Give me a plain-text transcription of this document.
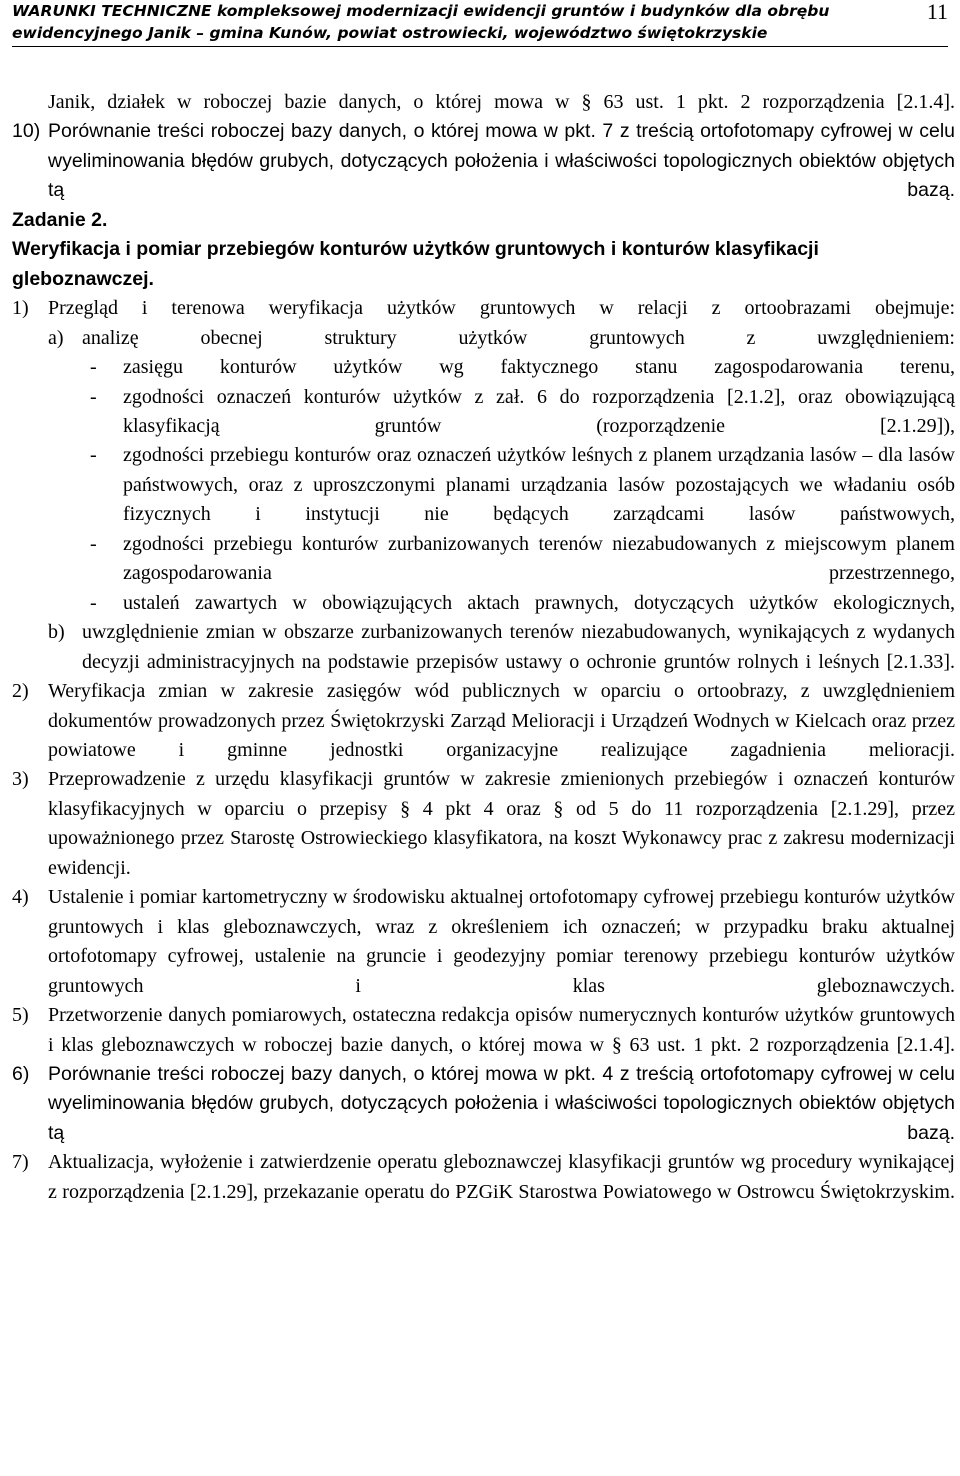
WARUNKI TECHNICZNE kompleksowej modernizacji ewidencji gruntów i budynków dla obrębu
ewidencyjnego Janik – gmina Kunów, powiat ostrowiecki, województwo świętokrzyskie
11

Janik, działek w roboczej bazie danych, o której mowa w § 63 ust. 1 pkt. 2 rozporządzenia [2.1.4].

10) Porównanie treści roboczej bazy danych, o której mowa w pkt. 7 z treścią ortofotomapy cyfrowej w celu wyeliminowania błędów grubych, dotyczących położenia i właściwości topologicznych obiektów objętych tą bazą.

Zadanie 2.

Weryfikacja i pomiar przebiegów konturów użytków gruntowych i konturów klasyfikacji gleboznawczej.

1) Przegląd i terenowa weryfikacja użytków gruntowych w relacji z ortoobrazami obejmuje:

a) analizę obecnej struktury użytków gruntowych z uwzględnieniem:

- zasięgu konturów użytków wg faktycznego stanu zagospodarowania terenu,

- zgodności oznaczeń konturów użytków z zał. 6 do rozporządzenia [2.1.2], oraz obowiązującą klasyfikacją gruntów (rozporządzenie [2.1.29]),

- zgodności przebiegu konturów oraz oznaczeń użytków leśnych z planem urządzania lasów – dla lasów państwowych, oraz z uproszczonymi planami urządzania lasów pozostających we władaniu osób fizycznych i instytucji nie będących zarządcami lasów państwowych,

- zgodności przebiegu konturów zurbanizowanych terenów niezabudowanych z miejscowym planem zagospodarowania przestrzennego,

- ustaleń zawartych w obowiązujących aktach prawnych, dotyczących użytków ekologicznych,

b) uwzględnienie zmian w obszarze zurbanizowanych terenów niezabudowanych, wynikających z wydanych decyzji administracyjnych na podstawie przepisów ustawy o ochronie gruntów rolnych i leśnych [2.1.33].

2) Weryfikacja zmian w zakresie zasięgów wód publicznych w oparciu o ortoobrazy, z uwzględnieniem dokumentów prowadzonych przez Świętokrzyski Zarząd Melioracji i Urządzeń Wodnych w Kielcach oraz przez powiatowe i gminne jednostki organizacyjne realizujące zagadnienia melioracji.

3) Przeprowadzenie z urzędu klasyfikacji gruntów w zakresie zmienionych przebiegów i oznaczeń konturów klasyfikacyjnych w oparciu o przepisy § 4 pkt 4 oraz § od 5 do 11 rozporządzenia [2.1.29], przez upoważnionego przez Starostę Ostrowieckiego klasyfikatora, na koszt Wykonawcy prac z zakresu modernizacji ewidencji.

4) Ustalenie i pomiar kartometryczny w środowisku aktualnej ortofotomapy cyfrowej przebiegu konturów użytków gruntowych i klas gleboznawczych, wraz z określeniem ich oznaczeń; w przypadku braku aktualnej ortofotomapy cyfrowej, ustalenie na gruncie i geodezyjny pomiar terenowy przebiegu konturów użytków gruntowych i klas gleboznawczych.

5) Przetworzenie danych pomiarowych, ostateczna redakcja opisów numerycznych konturów użytków gruntowych i klas gleboznawczych w roboczej bazie danych, o której mowa w § 63 ust. 1 pkt. 2 rozporządzenia [2.1.4].

6) Porównanie treści roboczej bazy danych, o której mowa w pkt. 4 z treścią ortofotomapy cyfrowej w celu wyeliminowania błędów grubych, dotyczących położenia i właściwości topologicznych obiektów objętych tą bazą.

7) Aktualizacja, wyłożenie i zatwierdzenie operatu gleboznawczej klasyfikacji gruntów wg procedury wynikającej z rozporządzenia [2.1.29], przekazanie operatu do PZGiK Starostwa Powiatowego w Ostrowcu Świętokrzyskim.
